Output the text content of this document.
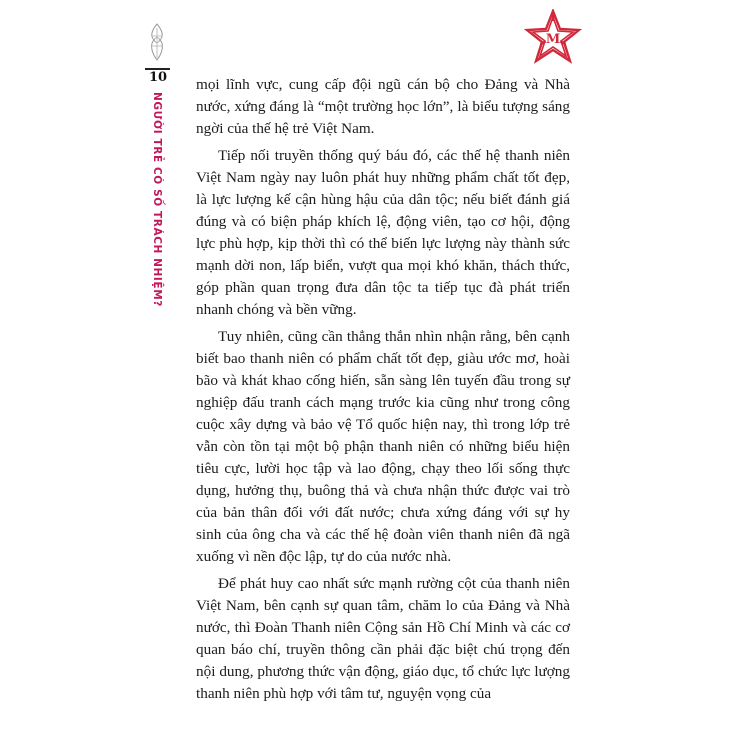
10
NGƯỜI TRẺ CÓ SỐ TRÁCH NHIỆM?
M

mọi lĩnh vực, cung cấp đội ngũ cán bộ cho Đảng và Nhà nước, xứng đáng là “một trường học lớn”, là biểu tượng sáng ngời của thế hệ trẻ Việt Nam.

Tiếp nối truyền thống quý báu đó, các thế hệ thanh niên Việt Nam ngày nay luôn phát huy những phẩm chất tốt đẹp, là lực lượng kế cận hùng hậu của dân tộc; nếu biết đánh giá đúng và có biện pháp khích lệ, động viên, tạo cơ hội, động lực phù hợp, kịp thời thì có thể biến lực lượng này thành sức mạnh dời non, lấp biển, vượt qua mọi khó khăn, thách thức, góp phần quan trọng đưa dân tộc ta tiếp tục đà phát triển nhanh chóng và bền vững.

Tuy nhiên, cũng cần thẳng thắn nhìn nhận rằng, bên cạnh biết bao thanh niên có phẩm chất tốt đẹp, giàu ước mơ, hoài bão và khát khao cống hiến, sẵn sàng lên tuyến đầu trong sự nghiệp đấu tranh cách mạng trước kia cũng như trong công cuộc xây dựng và bảo vệ Tổ quốc hiện nay, thì trong lớp trẻ vẫn còn tồn tại một bộ phận thanh niên có những biểu hiện tiêu cực, lười học tập và lao động, chạy theo lối sống thực dụng, hưởng thụ, buông thả và chưa nhận thức được vai trò của bản thân đối với đất nước; chưa xứng đáng với sự hy sinh của ông cha và các thế hệ đoàn viên thanh niên đã ngã xuống vì nền độc lập, tự do của nước nhà.

Để phát huy cao nhất sức mạnh rường cột của thanh niên Việt Nam, bên cạnh sự quan tâm, chăm lo của Đảng và Nhà nước, thì Đoàn Thanh niên Cộng sản Hồ Chí Minh và các cơ quan báo chí, truyền thông cần phải đặc biệt chú trọng đến nội dung, phương thức vận động, giáo dục, tổ chức lực lượng thanh niên phù hợp với tâm tư, nguyện vọng của
